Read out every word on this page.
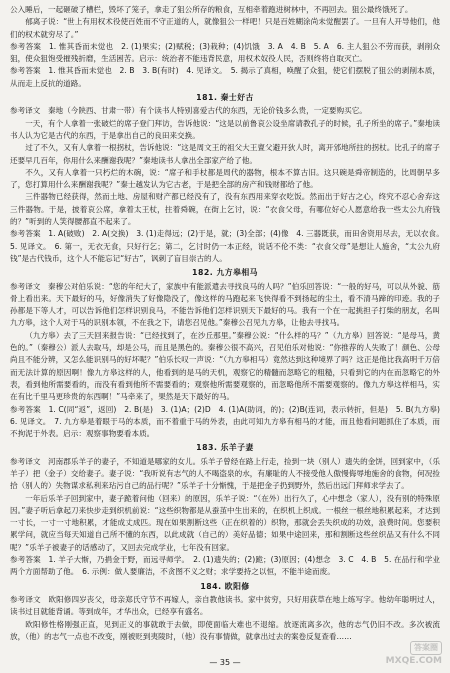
公入睡后，一起砸破了槽栏，毁坏了笼子，拿走了狙公所存的粮食，互相牵着跑进树林中，不再回去。狙公最终饿死了。

郁离子说：“世上有用权术役使百姓而不守正道的人，就像狙公一样吧！只是百姓糊涂尚未觉醒罢了。一旦有人开导他们，他们的权术就穷尽了。”

参考答案　1. 惟其昏而未觉也　2. (1)果实；(2)赋税；(3)栽种；(4)饥饿　3. A　4. B　5. A　6. 主人狙公不劳而获，剥削众狙，使众狙饱受摧残折磨，生活困苦。启示：统治者不能违背民意，用权术奴役人民，否则终将自取灭亡。

参考答案　1. 惟其昏而未觉也　2. B　3. B(有时)　4. 见译文。　5. 揭示了真相，唤醒了众狙，使它们摆脱了狙公的剥削本质，从而走上反抗的道路。

181. 秦士好古

参考译文　秦地（今陕西、甘肃一带）有个读书人特别喜爱古代的东西，无论价钱多么贵，一定要购买它。

一天，有个人拿着一张破烂的席子登门拜访，告诉他说：“这是以前鲁哀公设坐席请教孔子的时候，孔子所坐的席子。”秦地读书人认为它是古代的东西，于是拿出自己的良田来交换。

过了不久，又有人拿着一根拐杖，告诉他说：“这是周文王的祖父大王亶父避开狄人时，离开邠地所拄的拐杖。比孔子的席子还要早几百年，你用什么来酬谢我呢？”秦地读书人拿出全部家产给了他。

不久，又有人拿着一只朽烂的木碗，说：“席子和手杖都是周代的器物，根本不算古旧。这只碗是舜帝制造的，比周朝早多了，您打算用什么来酬谢我呢？”秦士越发认为它古老，于是把全部的房产和钱财都给了他。

三件器物已经获得，然而土地、房屋和财产都已经没有了，没有东西用来穿衣吃饭。然而出于好古之心，终究不忍心舍弃这三件器物。于是，披着哀公席，拿着太王杖，拄着舜碗，在街上乞讨，说：“衣食父母，有哪位好心人愿意给我一些太公九府钱的？”听到的人笑得腰都直不起来了。

参考答案　1. A(破败)　2. A(交换)　3. (1)走得远；(2)于是，就；(3)全部；(4)像　4. 三器既获，而田舍资用尽去，无以衣食。　5. 见译文。　6. 第一，无衣无食，只好行乞；第二，乞讨时仍一本正经，说话不伦不类：“衣食父母”是想让人施舍，“太公九府钱”是古代钱币，这个人不能忘记“好古”，讽刺了盲目崇古的人。

182. 九方皋相马

参考译文　秦穆公对伯乐说：“您的年纪大了，家族中有能派遣去寻找良马的人吗？”伯乐回答说：“一般的好马，可以从外貌、筋骨上看出来。天下最好的马，好像消失了好像隐没了，像这样的马跑起来飞快得看不到扬起的尘土，看不清马蹄的印迹。我的子孙都是下等人才，可以告诉他们怎样识别良马，不能告诉他们怎样识别天下最好的马。我有一个在一起挑担子打柴的朋友，名叫九方皋，这个人对于马的识别本领，不在我之下，请您召见他。”秦穆公召见九方皋，让他去寻找马。

（九方皋）去了三天回来报告说：“已经找到了，在沙丘那里。”秦穆公说：“什么样的马？”（九方皋）回答说：“是母马，黄色的。”（秦穆公）派人去取马，却是公马，而且是黑色的。秦穆公很不高兴，召见伯乐对他说：“你推荐的人失败了！颜色、公母尚且不能分辨，又怎么能识别马的好坏呢？”伯乐长叹一声说：“（九方皋相马）竟然达到这种境界了吗？这正是他比我高明千万倍而无法计算的原因啊！像九方皋这样的人，他看到的是马的天机，观察它的精髓而忽略它的粗糙，只看到它的内在而忽略它的外表，看到他所需要看的，而没有看到他所不需要看的；观察他所需要观察的，而忽略他所不需要观察的。像九方皋这样相马，实在有比千里马更珍贵的东西啊！”马牵来了，果然是天下最好的马。

参考答案　1. C(同“返”，返回)　2. B(是)　3. (1)A；(2)D　4. (1)A(助词，的)；(2)B(连词，表示转折，但是)　5. B(九方皋)　6. 见译文。　7. 九方皋是着眼于马的本质，而不着重于马的外表，由此可知九方皋有相马的才能，而且他看问题抓住了本质，而不拘泥于外表。启示：观察事物要看本质。

183. 乐羊子妻

参考译文　河南郡乐羊子的妻子，不知道是哪家的女儿。乐羊子曾经在路上行走，捡到一块（别人）遗失的金饼，回到家中，（乐羊子）把（金子）交给妻子。妻子说：“我听说有志气的人不喝盗泉的水，有廉耻的人不接受他人傲慢侮辱地施舍的食物，何况捡拾（别人的）失物谋求私利来玷污自己的品行呢？”乐羊子十分惭愧，于是把金子扔到野外，然后出远门拜师求学去了。

一年后乐羊子回到家中，妻子跪着问他（回来）的原因，乐羊子说：“（在外）出行久了，心中想念（家人），没有别的特殊原因。”妻子听后拿起刀来快步走到织机前说：“这些织物都是从蚕茧中生出来的，在织机上织成。一根丝一根丝地积累起来，才达到一寸长，一寸一寸地积累，才能成丈成匹。现在如果割断这些（正在织着的）织物，那就会丢失织成的功效，浪费时间。您要积累学问，就应当每天知道自己所不懂的东西，以此成就（自己的）美好品德；如果中途回来，那和割断这些丝织品又有什么不同呢？”乐羊子被妻子的话感动了，又回去完成学业，七年没有回家。

参考答案　1. 羊子大惭，乃捐金于野，而远寻师学。　2. (1)遗失的；(2)跪；(3)原因；(4)想念　3. C　4. B　5. 在品行和学业两个方面帮助了他。　6. 示例：做人要廉洁，不贪图不义之财；求学要持之以恒，不能半途而废。

184. 欧阳修

参考译文　欧阳修四岁丧父，母亲郑氏守节不再嫁人，亲自教他读书。家中贫穷，只好用荻草在地上练写字。他幼年聪明过人，读书过目就能背诵。等到成年，才华出众，已经享有盛名。

欧阳修性格刚强正直，见到正义的事就敢于去做，即使面临大难也不退缩。放逐流离多次，他的志气仍旧不改。多次被流放，（他）的志气一点也不改变，刚被贬到夷陵时，（他）没有事情做，就拿出过去的案卷反复查看……

— 35 —
答案圈
MXQE.COM
